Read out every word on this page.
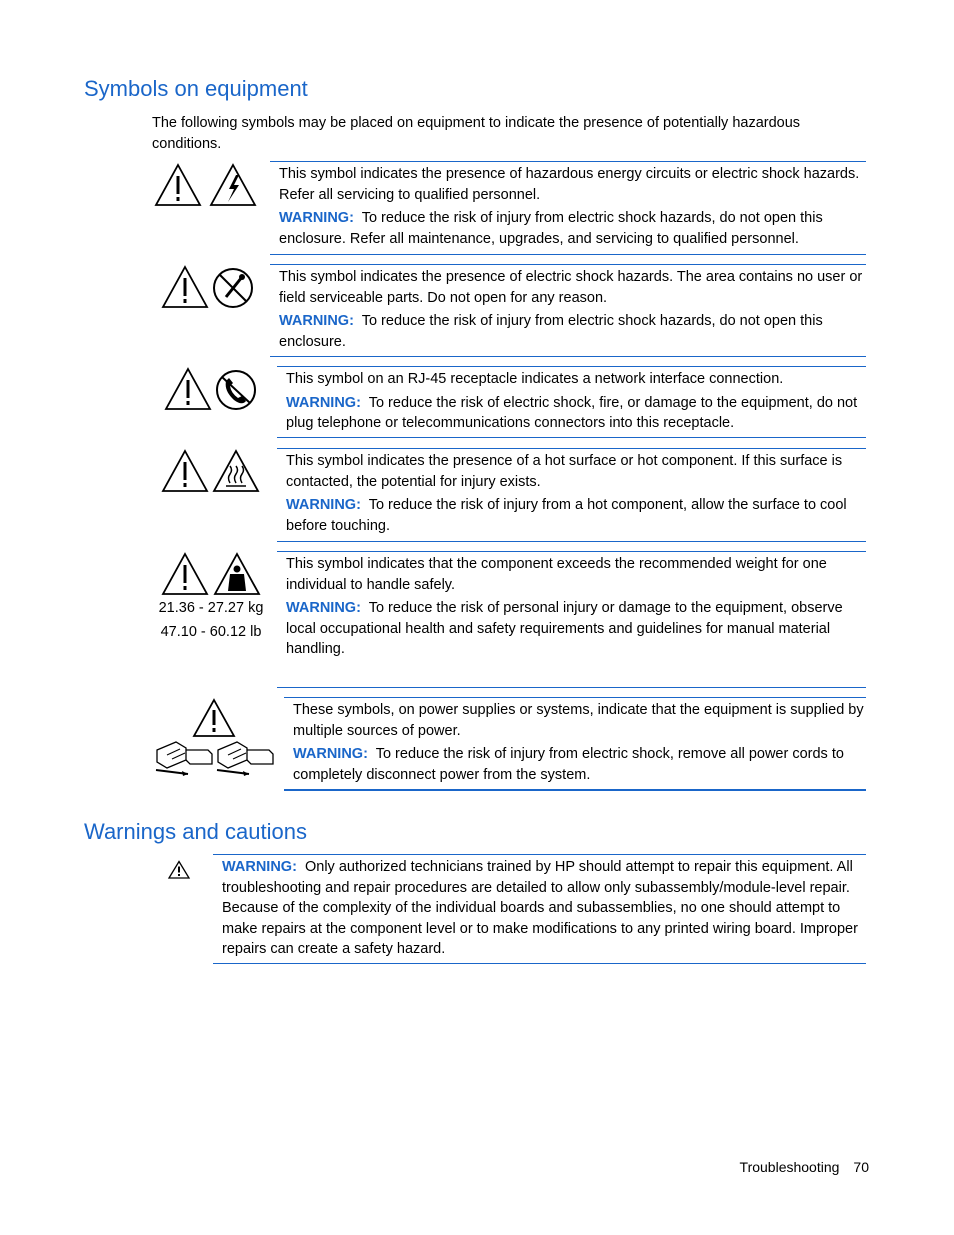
Symbols on equipment

The following symbols may be placed on equipment to indicate the presence of potentially hazardous conditions.

This symbol indicates the presence of hazardous energy circuits or electric shock hazards. Refer all servicing to qualified personnel.

WARNING: To reduce the risk of injury from electric shock hazards, do not open this enclosure. Refer all maintenance, upgrades, and servicing to qualified personnel.

This symbol indicates the presence of electric shock hazards. The area contains no user or field serviceable parts. Do not open for any reason.

WARNING: To reduce the risk of injury from electric shock hazards, do not open this enclosure.

This symbol on an RJ-45 receptacle indicates a network interface connection.

WARNING: To reduce the risk of electric shock, fire, or damage to the equipment, do not plug telephone or telecommunications connectors into this receptacle.

This symbol indicates the presence of a hot surface or hot component. If this surface is contacted, the potential for injury exists.

WARNING: To reduce the risk of injury from a hot component, allow the surface to cool before touching.

21.36 - 27.27 kg
47.10 - 60.12 lb

This symbol indicates that the component exceeds the recommended weight for one individual to handle safely.

WARNING: To reduce the risk of personal injury or damage to the equipment, observe local occupational health and safety requirements and guidelines for manual material handling.

These symbols, on power supplies or systems, indicate that the equipment is supplied by multiple sources of power.

WARNING: To reduce the risk of injury from electric shock, remove all power cords to completely disconnect power from the system.

Warnings and cautions

WARNING: Only authorized technicians trained by HP should attempt to repair this equipment. All troubleshooting and repair procedures are detailed to allow only subassembly/module-level repair. Because of the complexity of the individual boards and subassemblies, no one should attempt to make repairs at the component level or to make modifications to any printed wiring board. Improper repairs can create a safety hazard.

Troubleshooting 70
